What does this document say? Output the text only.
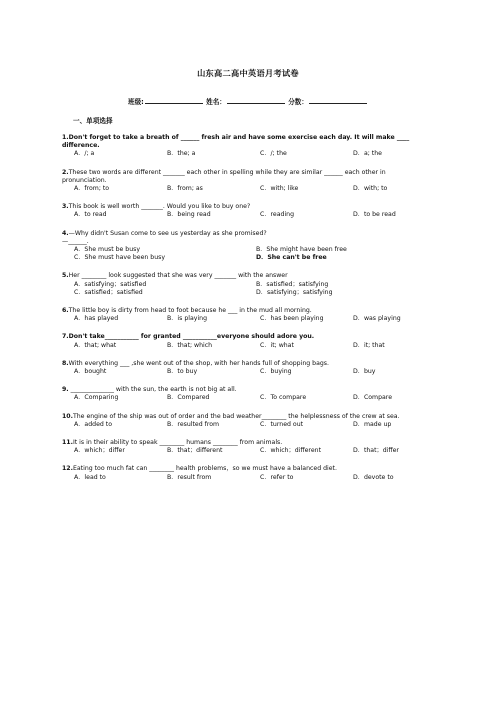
山东高二高中英语月考试卷
班级:	姓名：	分数：
一、单项选择

1.Don't forget to take a breath of ______ fresh air and have some exercise each day. It will make ____ difference.

A．/; a	B．the; a	C．/; the	D．a; the

2.These two words are different _______ each other in spelling while they are similar ______ each other in

pronunciation.

A．from; to	B．from; as	C．with; like	D．with; to

3.This book is well worth _______. Would you like to buy one?

A．to read	B．being read	C．reading	D．to be read

4.—Why didn't Susan come to see us yesterday as she promised?

—______.

A．She must be busy	B．She might have been free
C．She must have been busy	D．She can't be free

5.Her ________ look suggested that she was very _______ with the answer

A．satisfying；satisfied	B．satisfied；satisfying
C．satisfied；satisfied	D．satisfying；satisfying

6.The little boy is dirty from head to foot because he ___ in the mud all morning.

A．has played	B．is playing	C．has been playing	D．was playing

7.Don't take___________ for granted ___________everyone should adore you.

A．that; what	B．that; which	C．it; what	D．it; that

8.With everything ___ ,she went out of the shop, with her hands full of shopping bags.

A．bought	B．to buy	C．buying	D．buy

9. ______________ with the sun, the earth is not big at all.

A．Comparing	B．Compared	C．To compare	D．Compare

10.The engine of the ship was out of order and the bad weather________ the helplessness of the crew at sea.

A．added to	B．resulted from	C．turned out	D．made up

11.It is in their ability to speak ________ humans ________ from animals.

A．which；differ	B．that；different	C．which；different	D．that；differ

12.Eating too much fat can ________ health problems，so we must have a balanced diet.

A．lead to	B．result from	C．refer to	D．devote to
